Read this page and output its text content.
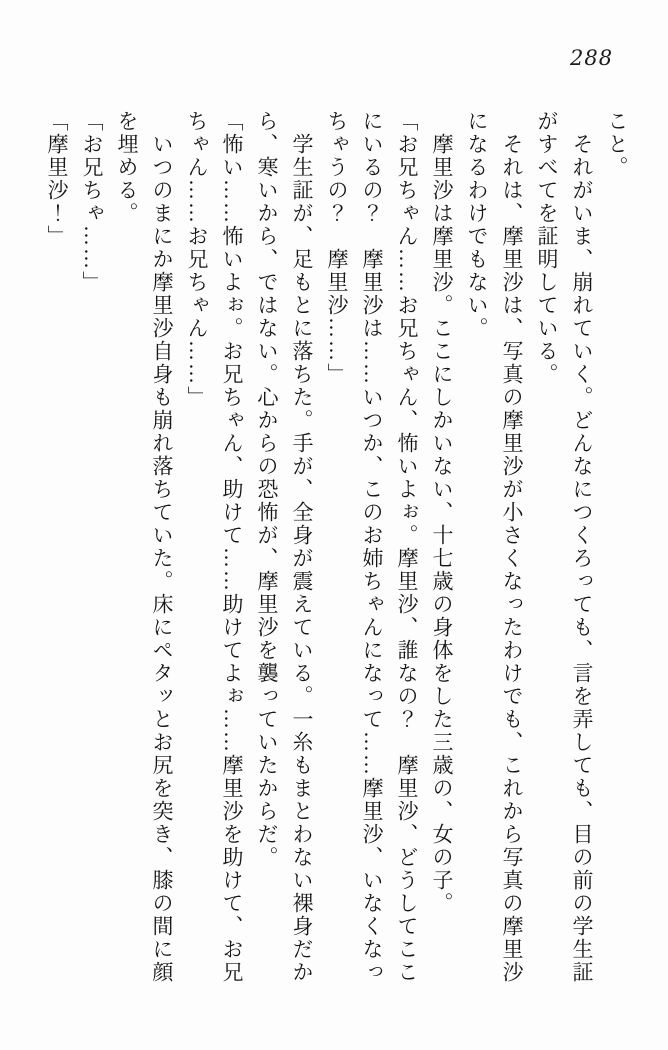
288

こと。

　それがいま、崩れていく。どんなにつくろっても、言を弄しても、目の前の学生証

がすべてを証明している。

　それは、摩里沙は、写真の摩里沙が小さくなったわけでも、これから写真の摩里沙

になるわけでもない。

　摩里沙は摩里沙。ここにしかいない、十七歳の身体をした三歳の、女の子。

「お兄ちゃん……お兄ちゃん、怖いよぉ。摩里沙、誰なの？　摩里沙、どうしてここ

にいるの？　摩里沙は……いつか、このお姉ちゃんになって……摩里沙、いなくなっ

ちゃうの？　摩里沙……」

　学生証が、足もとに落ちた。手が、全身が震えている。一糸もまとわない裸身だか

ら、寒いから、ではない。心からの恐怖が、摩里沙を襲っていたからだ。

「怖い……怖いよぉ。お兄ちゃん、助けて……助けてよぉ……摩里沙を助けて、お兄

ちゃん……お兄ちゃん……」

　いつのまにか摩里沙自身も崩れ落ちていた。床にペタッとお尻を突き、膝の間に顔

を埋める。

「お兄ちゃ……」

「摩里沙！」
